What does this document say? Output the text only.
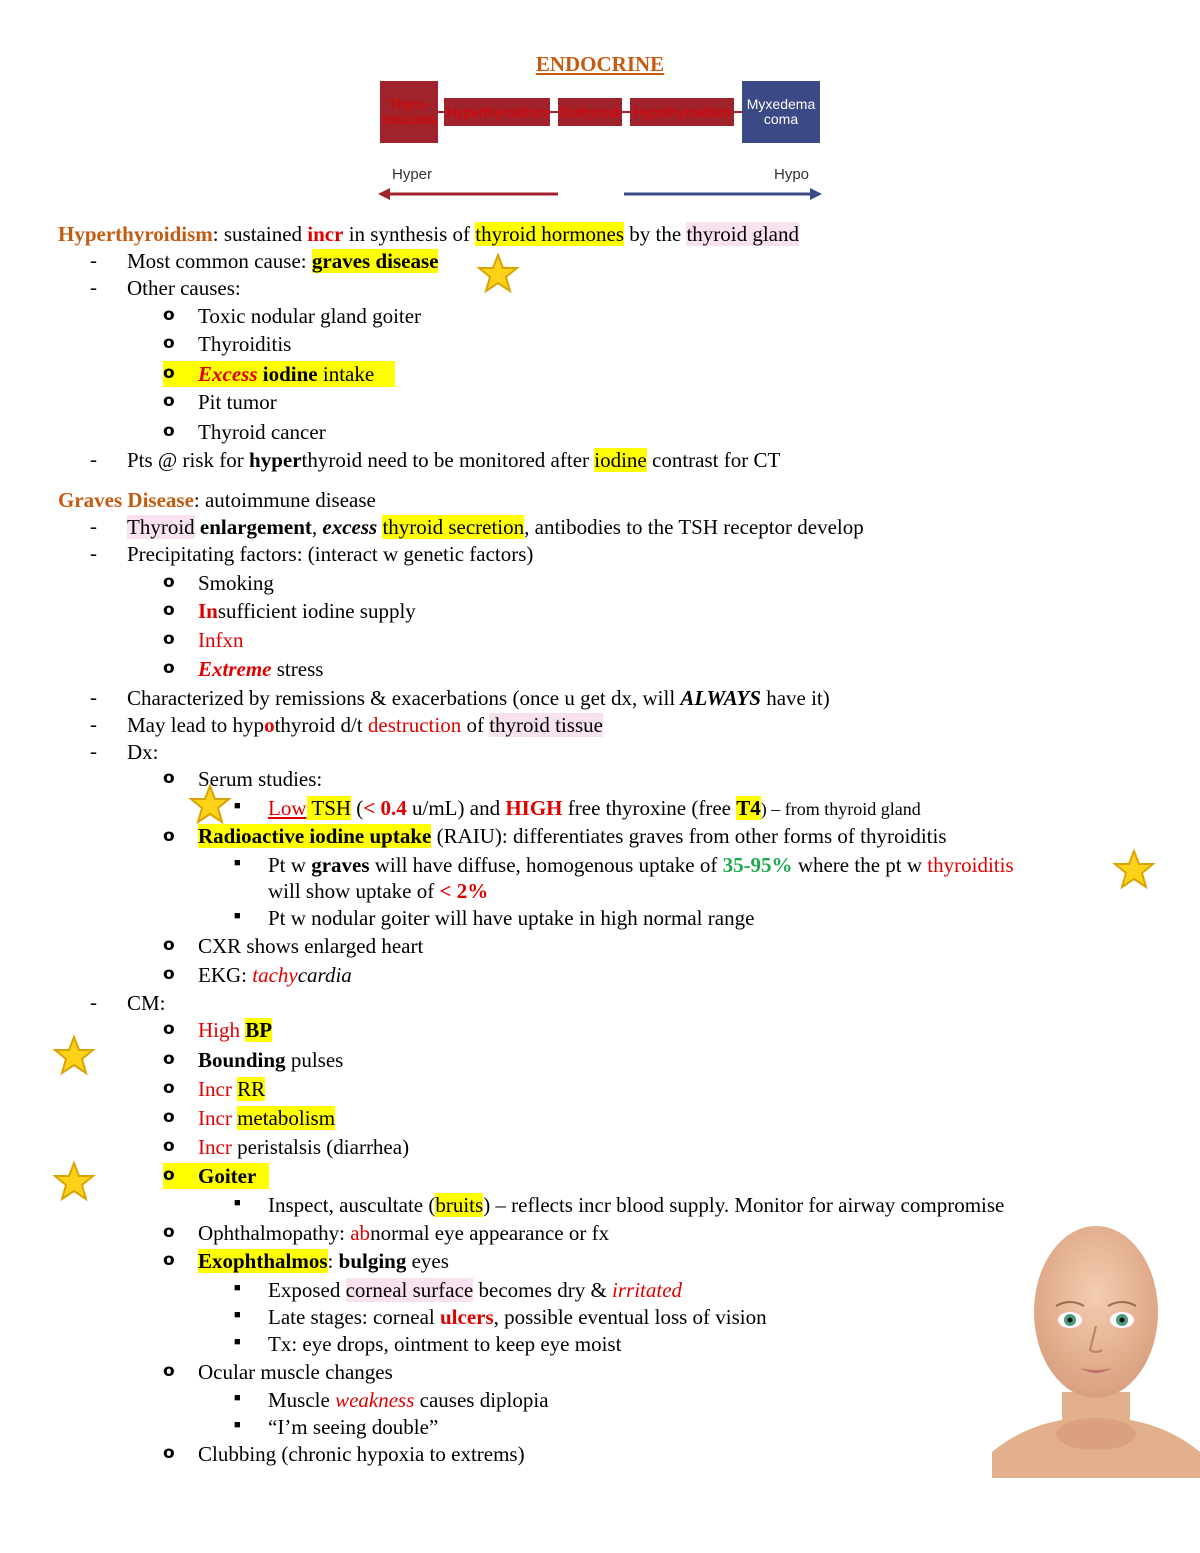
ENDOCRINE
Thyro-
toxicosis Hyperthyroidism Euthyroid Hypothyroidism	Myxedema
coma
Hyper	Hypo
Hyperthyroidism: sustained incr in synthesis of thyroid hormones by the thyroid gland
- Most common cause: graves disease
- Other causes:
o Toxic nodular gland goiter
o Thyroiditis
o Excess iodine intake
o Pit tumor
o Thyroid cancer
- Pts @ risk for hyperthyroid need to be monitored after iodine contrast for CT
Graves Disease: autoimmune disease
- Thyroid enlargement, excess thyroid secretion, antibodies to the TSH receptor develop
- Precipitating factors: (interact w genetic factors)
o Smoking
o Insufficient iodine supply
o Infxn
o Extreme stress
- Characterized by remissions & exacerbations (once u get dx, will ALWAYS have it)
- May lead to hypothyroid d/t destruction of thyroid tissue
- Dx:
o Serum studies:
■ Low TSH (< 0.4 u/mL) and HIGH free thyroxine (free T4) – from thyroid gland
o Radioactive iodine uptake (RAIU): differentiates graves from other forms of thyroiditis
■ Pt w graves will have diffuse, homogenous uptake of 35-95% where the pt w thyroiditis
will show uptake of < 2%
■ Pt w nodular goiter will have uptake in high normal range
o CXR shows enlarged heart
o EKG: tachycardia
- CM:
o High BP
o Bounding pulses
o Incr RR
o Incr metabolism
o Incr peristalsis (diarrhea)
o Goiter
■ Inspect, auscultate (bruits) – reflects incr blood supply. Monitor for airway compromise
o Ophthalmopathy: abnormal eye appearance or fx
o Exophthalmos: bulging eyes
■ Exposed corneal surface becomes dry & irritated
■ Late stages: corneal ulcers, possible eventual loss of vision
■ Tx: eye drops, ointment to keep eye moist
o Ocular muscle changes
■ Muscle weakness causes diplopia
■ “I’m seeing double”
o Clubbing (chronic hypoxia to extrems)
